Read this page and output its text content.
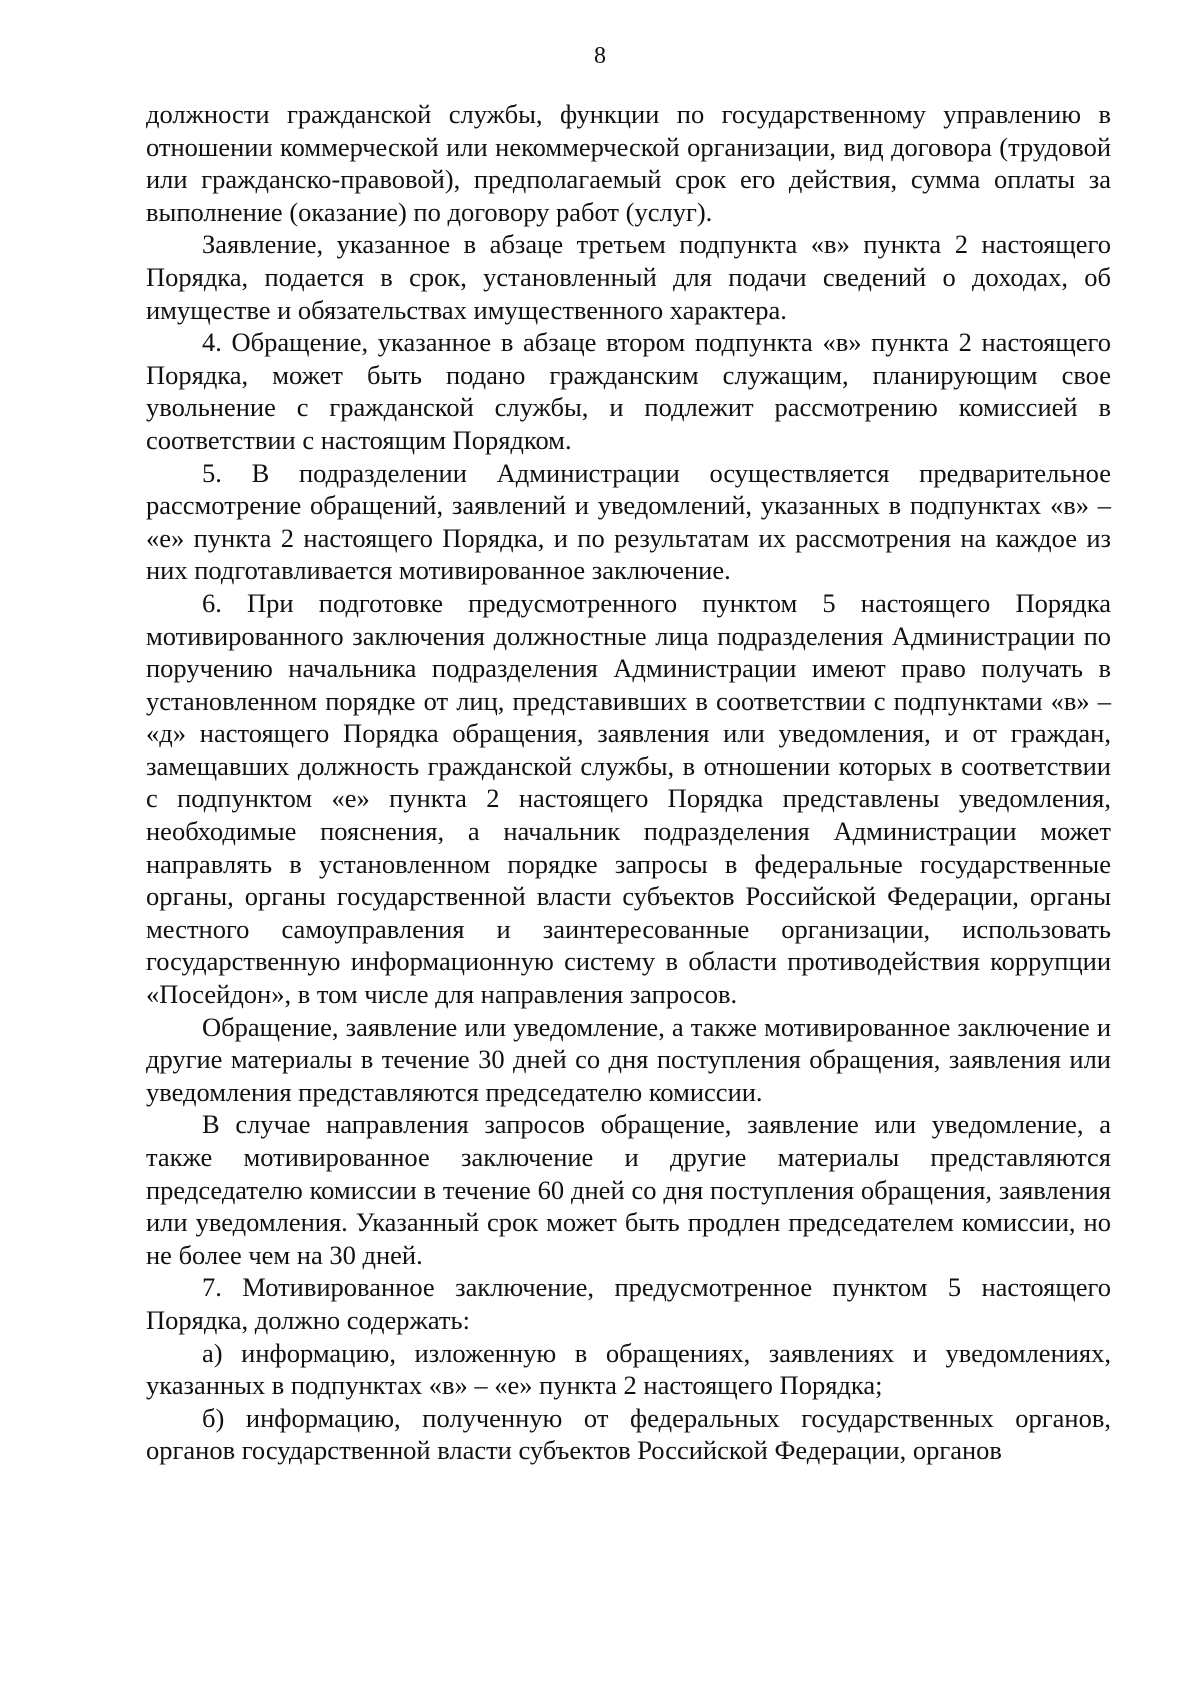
8

должности гражданской службы, функции по государственному управлению в отношении коммерческой или некоммерческой организации, вид договора (трудовой или гражданско-правовой), предполагаемый срок его действия, сумма оплаты за выполнение (оказание) по договору работ (услуг).

Заявление, указанное в абзаце третьем подпункта «в» пункта 2 настоящего Порядка, подается в срок, установленный для подачи сведений о доходах, об имуществе и обязательствах имущественного характера.

4. Обращение, указанное в абзаце втором подпункта «в» пункта 2 настоящего Порядка, может быть подано гражданским служащим, планирующим свое увольнение с гражданской службы, и подлежит рассмотрению комиссией в соответствии с настоящим Порядком.

5. В подразделении Администрации осуществляется предварительное рассмотрение обращений, заявлений и уведомлений, указанных в подпунктах «в» – «е» пункта 2 настоящего Порядка, и по результатам их рассмотрения на каждое из них подготавливается мотивированное заключение.

6. При подготовке предусмотренного пунктом 5 настоящего Порядка мотивированного заключения должностные лица подразделения Администрации по поручению начальника подразделения Администрации имеют право получать в установленном порядке от лиц, представивших в соответствии с подпунктами «в» – «д» настоящего Порядка обращения, заявления или уведомления, и от граждан, замещавших должность гражданской службы, в отношении которых в соответствии с подпунктом «е» пункта 2 настоящего Порядка представлены уведомления, необходимые пояснения, а начальник подразделения Администрации может направлять в установленном порядке запросы в федеральные государственные органы, органы государственной власти субъектов Российской Федерации, органы местного самоуправления и заинтересованные организации, использовать государственную информационную систему в области противодействия коррупции «Посейдон», в том числе для направления запросов.

Обращение, заявление или уведомление, а также мотивированное заключение и другие материалы в течение 30 дней со дня поступления обращения, заявления или уведомления представляются председателю комиссии.

В случае направления запросов обращение, заявление или уведомление, а также мотивированное заключение и другие материалы представляются председателю комиссии в течение 60 дней со дня поступления обращения, заявления или уведомления. Указанный срок может быть продлен председателем комиссии, но не более чем на 30 дней.

7. Мотивированное заключение, предусмотренное пунктом 5 настоящего Порядка, должно содержать:

а) информацию, изложенную в обращениях, заявлениях и уведомлениях, указанных в подпунктах «в» – «е» пункта 2 настоящего Порядка;

б) информацию, полученную от федеральных государственных органов, органов государственной власти субъектов Российской Федерации, органов
